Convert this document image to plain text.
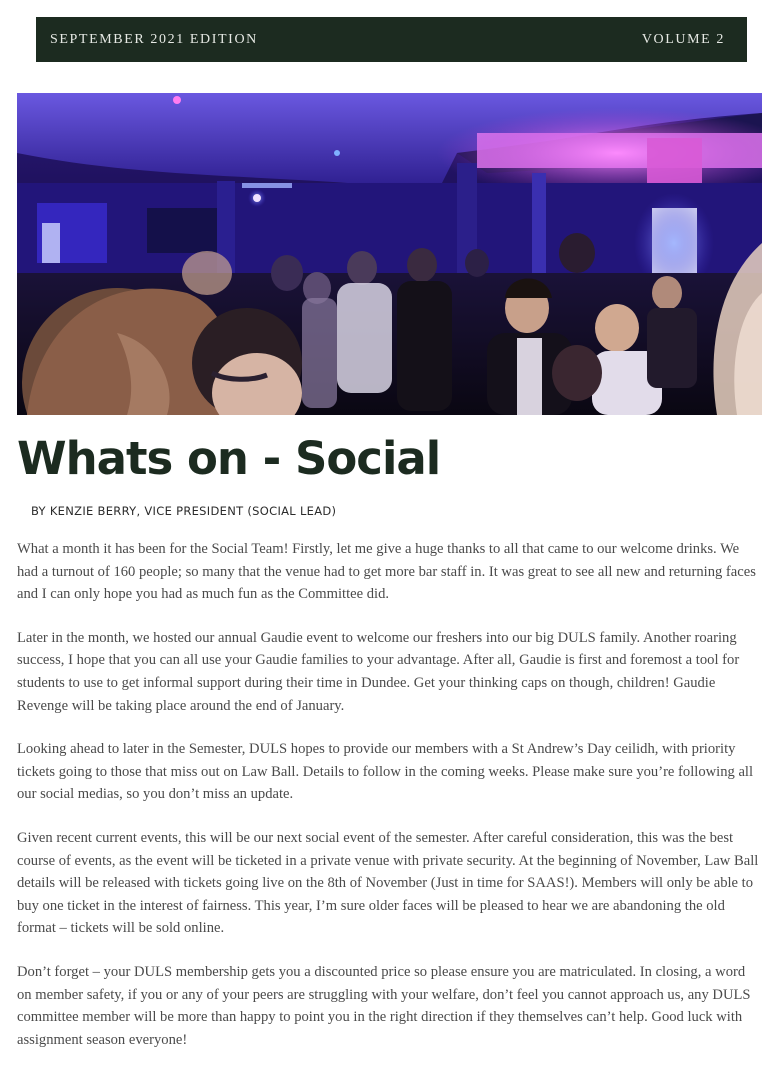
SEPTEMBER 2021 EDITION	VOLUME 2
Whats on - Social
BY KENZIE BERRY, VICE PRESIDENT (SOCIAL LEAD)

What a month it has been for the Social Team! Firstly, let me give a huge thanks to all that came to our welcome drinks. We had a turnout of 160 people; so many that the venue had to get more bar staff in. It was great to see all new and returning faces and I can only hope you had as much fun as the Committee did.

Later in the month, we hosted our annual Gaudie event to welcome our freshers into our big DULS family. Another roaring success, I hope that you can all use your Gaudie families to your advantage. After all, Gaudie is first and foremost a tool for students to use to get informal support during their time in Dundee. Get your thinking caps on though, children! Gaudie Revenge will be taking place around the end of January.

Looking ahead to later in the Semester, DULS hopes to provide our members with a St Andrew’s Day ceilidh, with priority tickets going to those that miss out on Law Ball. Details to follow in the coming weeks. Please make sure you’re following all our social medias, so you don’t miss an update.

Given recent current events, this will be our next social event of the semester. After careful consideration, this was the best course of events, as the event will be ticketed in a private venue with private security. At the beginning of November, Law Ball details will be released with tickets going live on the 8th of November (Just in time for SAAS!). Members will only be able to buy one ticket in the interest of fairness. This year, I’m sure older faces will be pleased to hear we are abandoning the old format – tickets will be sold online.

Don’t forget – your DULS membership gets you a discounted price so please ensure you are matriculated. In closing, a word on member safety, if you or any of your peers are struggling with your welfare, don’t feel you cannot approach us, any DULS committee member will be more than happy to point you in the right direction if they themselves can’t help. Good luck with assignment season everyone!
